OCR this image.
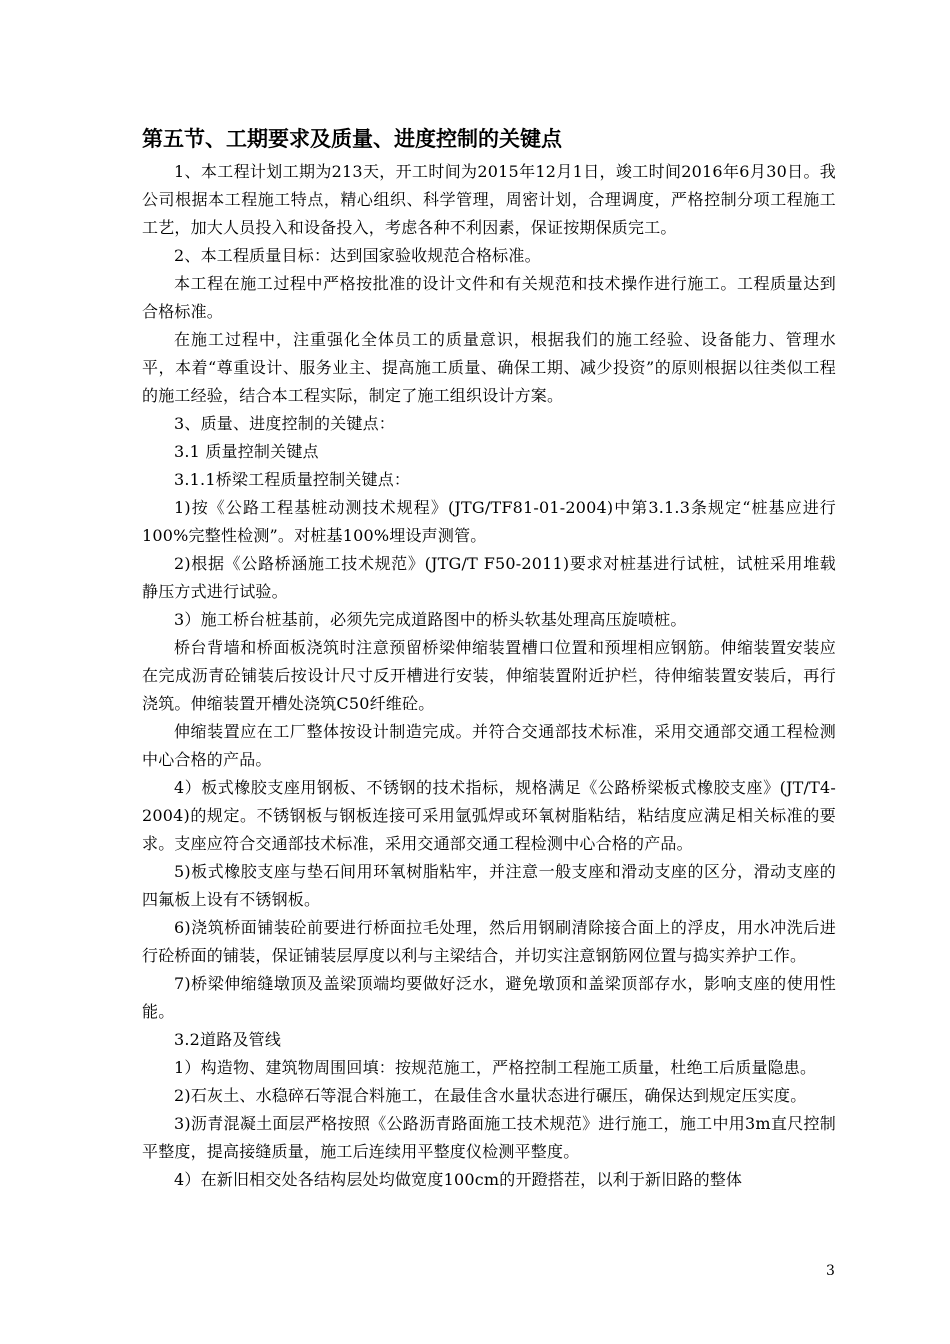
第五节、工期要求及质量、进度控制的关键点

1、本工程计划工期为213天，开工时间为2015年12月1日，竣工时间2016年6月30日。我公司根据本工程施工特点，精心组织、科学管理，周密计划，合理调度，严格控制分项工程施工工艺，加大人员投入和设备投入，考虑各种不利因素，保证按期保质完工。

2、本工程质量目标：达到国家验收规范合格标准。

本工程在施工过程中严格按批准的设计文件和有关规范和技术操作进行施工。工程质量达到合格标准。

在施工过程中，注重强化全体员工的质量意识，根据我们的施工经验、设备能力、管理水平，本着“尊重设计、服务业主、提高施工质量、确保工期、减少投资”的原则根据以往类似工程的施工经验，结合本工程实际，制定了施工组织设计方案。

3、质量、进度控制的关键点：

3.1 质量控制关键点

3.1.1桥梁工程质量控制关键点：

1)按《公路工程基桩动测技术规程》(JTG/TF81-01-2004)中第3.1.3条规定“桩基应进行100%完整性检测”。对桩基100%埋设声测管。

2)根据《公路桥涵施工技术规范》(JTG/T F50-2011)要求对桩基进行试桩，试桩采用堆载静压方式进行试验。

3）施工桥台桩基前，必须先完成道路图中的桥头软基处理高压旋喷桩。

桥台背墙和桥面板浇筑时注意预留桥梁伸缩装置槽口位置和预埋相应钢筋。伸缩装置安装应在完成沥青砼铺装后按设计尺寸反开槽进行安装，伸缩装置附近护栏，待伸缩装置安装后，再行浇筑。伸缩装置开槽处浇筑C50纤维砼。

伸缩装置应在工厂整体按设计制造完成。并符合交通部技术标准，采用交通部交通工程检测中心合格的产品。

4）板式橡胶支座用钢板、不锈钢的技术指标，规格满足《公路桥梁板式橡胶支座》(JT/T4-2004)的规定。不锈钢板与钢板连接可采用氩弧焊或环氧树脂粘结，粘结度应满足相关标准的要求。支座应符合交通部技术标准，采用交通部交通工程检测中心合格的产品。

5)板式橡胶支座与垫石间用环氧树脂粘牢，并注意一般支座和滑动支座的区分，滑动支座的四氟板上设有不锈钢板。

6)浇筑桥面铺装砼前要进行桥面拉毛处理，然后用钢刷清除接合面上的浮皮，用水冲洗后进行砼桥面的铺装，保证铺装层厚度以利与主梁结合，并切实注意钢筋网位置与捣实养护工作。

7)桥梁伸缩缝墩顶及盖梁顶端均要做好泛水，避免墩顶和盖梁顶部存水，影响支座的使用性能。

3.2道路及管线

1）构造物、建筑物周围回填：按规范施工，严格控制工程施工质量，杜绝工后质量隐患。

2)石灰土、水稳碎石等混合料施工，在最佳含水量状态进行碾压，确保达到规定压实度。

3)沥青混凝土面层严格按照《公路沥青路面施工技术规范》进行施工，施工中用3m直尺控制平整度，提高接缝质量，施工后连续用平整度仪检测平整度。

4）在新旧相交处各结构层处均做宽度100cm的开蹬搭茬，以利于新旧路的整体

3
